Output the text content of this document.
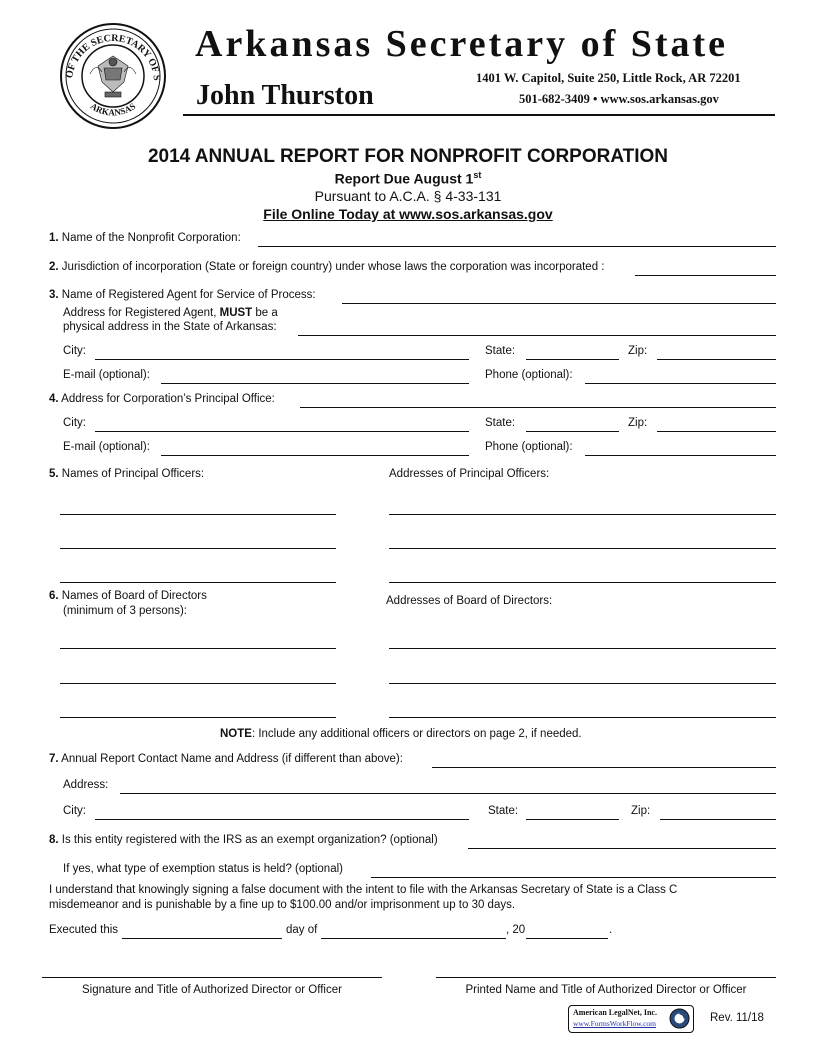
OF THE SECRETARY OF S
ARKANSAS
Arkansas Secretary of State
John Thurston
1401 W. Capitol, Suite 250, Little Rock, AR 72201
501-682-3409 • www.sos.arkansas.gov
2014 ANNUAL REPORT FOR NONPROFIT CORPORATION
Report Due August 1st
Pursuant to A.C.A. § 4-33-131
File Online Today at www.sos.arkansas.gov
1. Name of the Nonprofit Corporation:
2. Jurisdiction of incorporation (State or foreign country) under whose laws the corporation was incorporated :
3. Name of Registered Agent for Service of Process:
Address for Registered Agent, MUST be a
physical address in the State of Arkansas:
City:	State:	Zip:
E-mail (optional):	Phone (optional):
4. Address for Corporation’s Principal Office:
City:	State:	Zip:
E-mail (optional):	Phone (optional):
5. Names of Principal Officers:	Addresses of Principal Officers:
6. Names of Board of Directors
(minimum of 3 persons):
Addresses of Board of Directors:
NOTE: Include any additional officers or directors on page 2, if needed.
7. Annual Report Contact Name and Address (if different than above):
Address:
City:	State:	Zip:
8. Is this entity registered with the IRS as an exempt organization? (optional)
If yes, what type of exemption status is held? (optional)
I understand that knowingly signing a false document with the intent to file with the Arkansas Secretary of State is a Class C
misdemeanor and is punishable by a fine up to $100.00 and/or imprisonment up to 30 days.
Executed this	day of	, 20	.
Signature and Title of Authorized Director or Officer	Printed Name and Title of Authorized Director or Officer
American LegalNet, Inc.
www.FormsWorkFlow.com	Rev. 11/18
